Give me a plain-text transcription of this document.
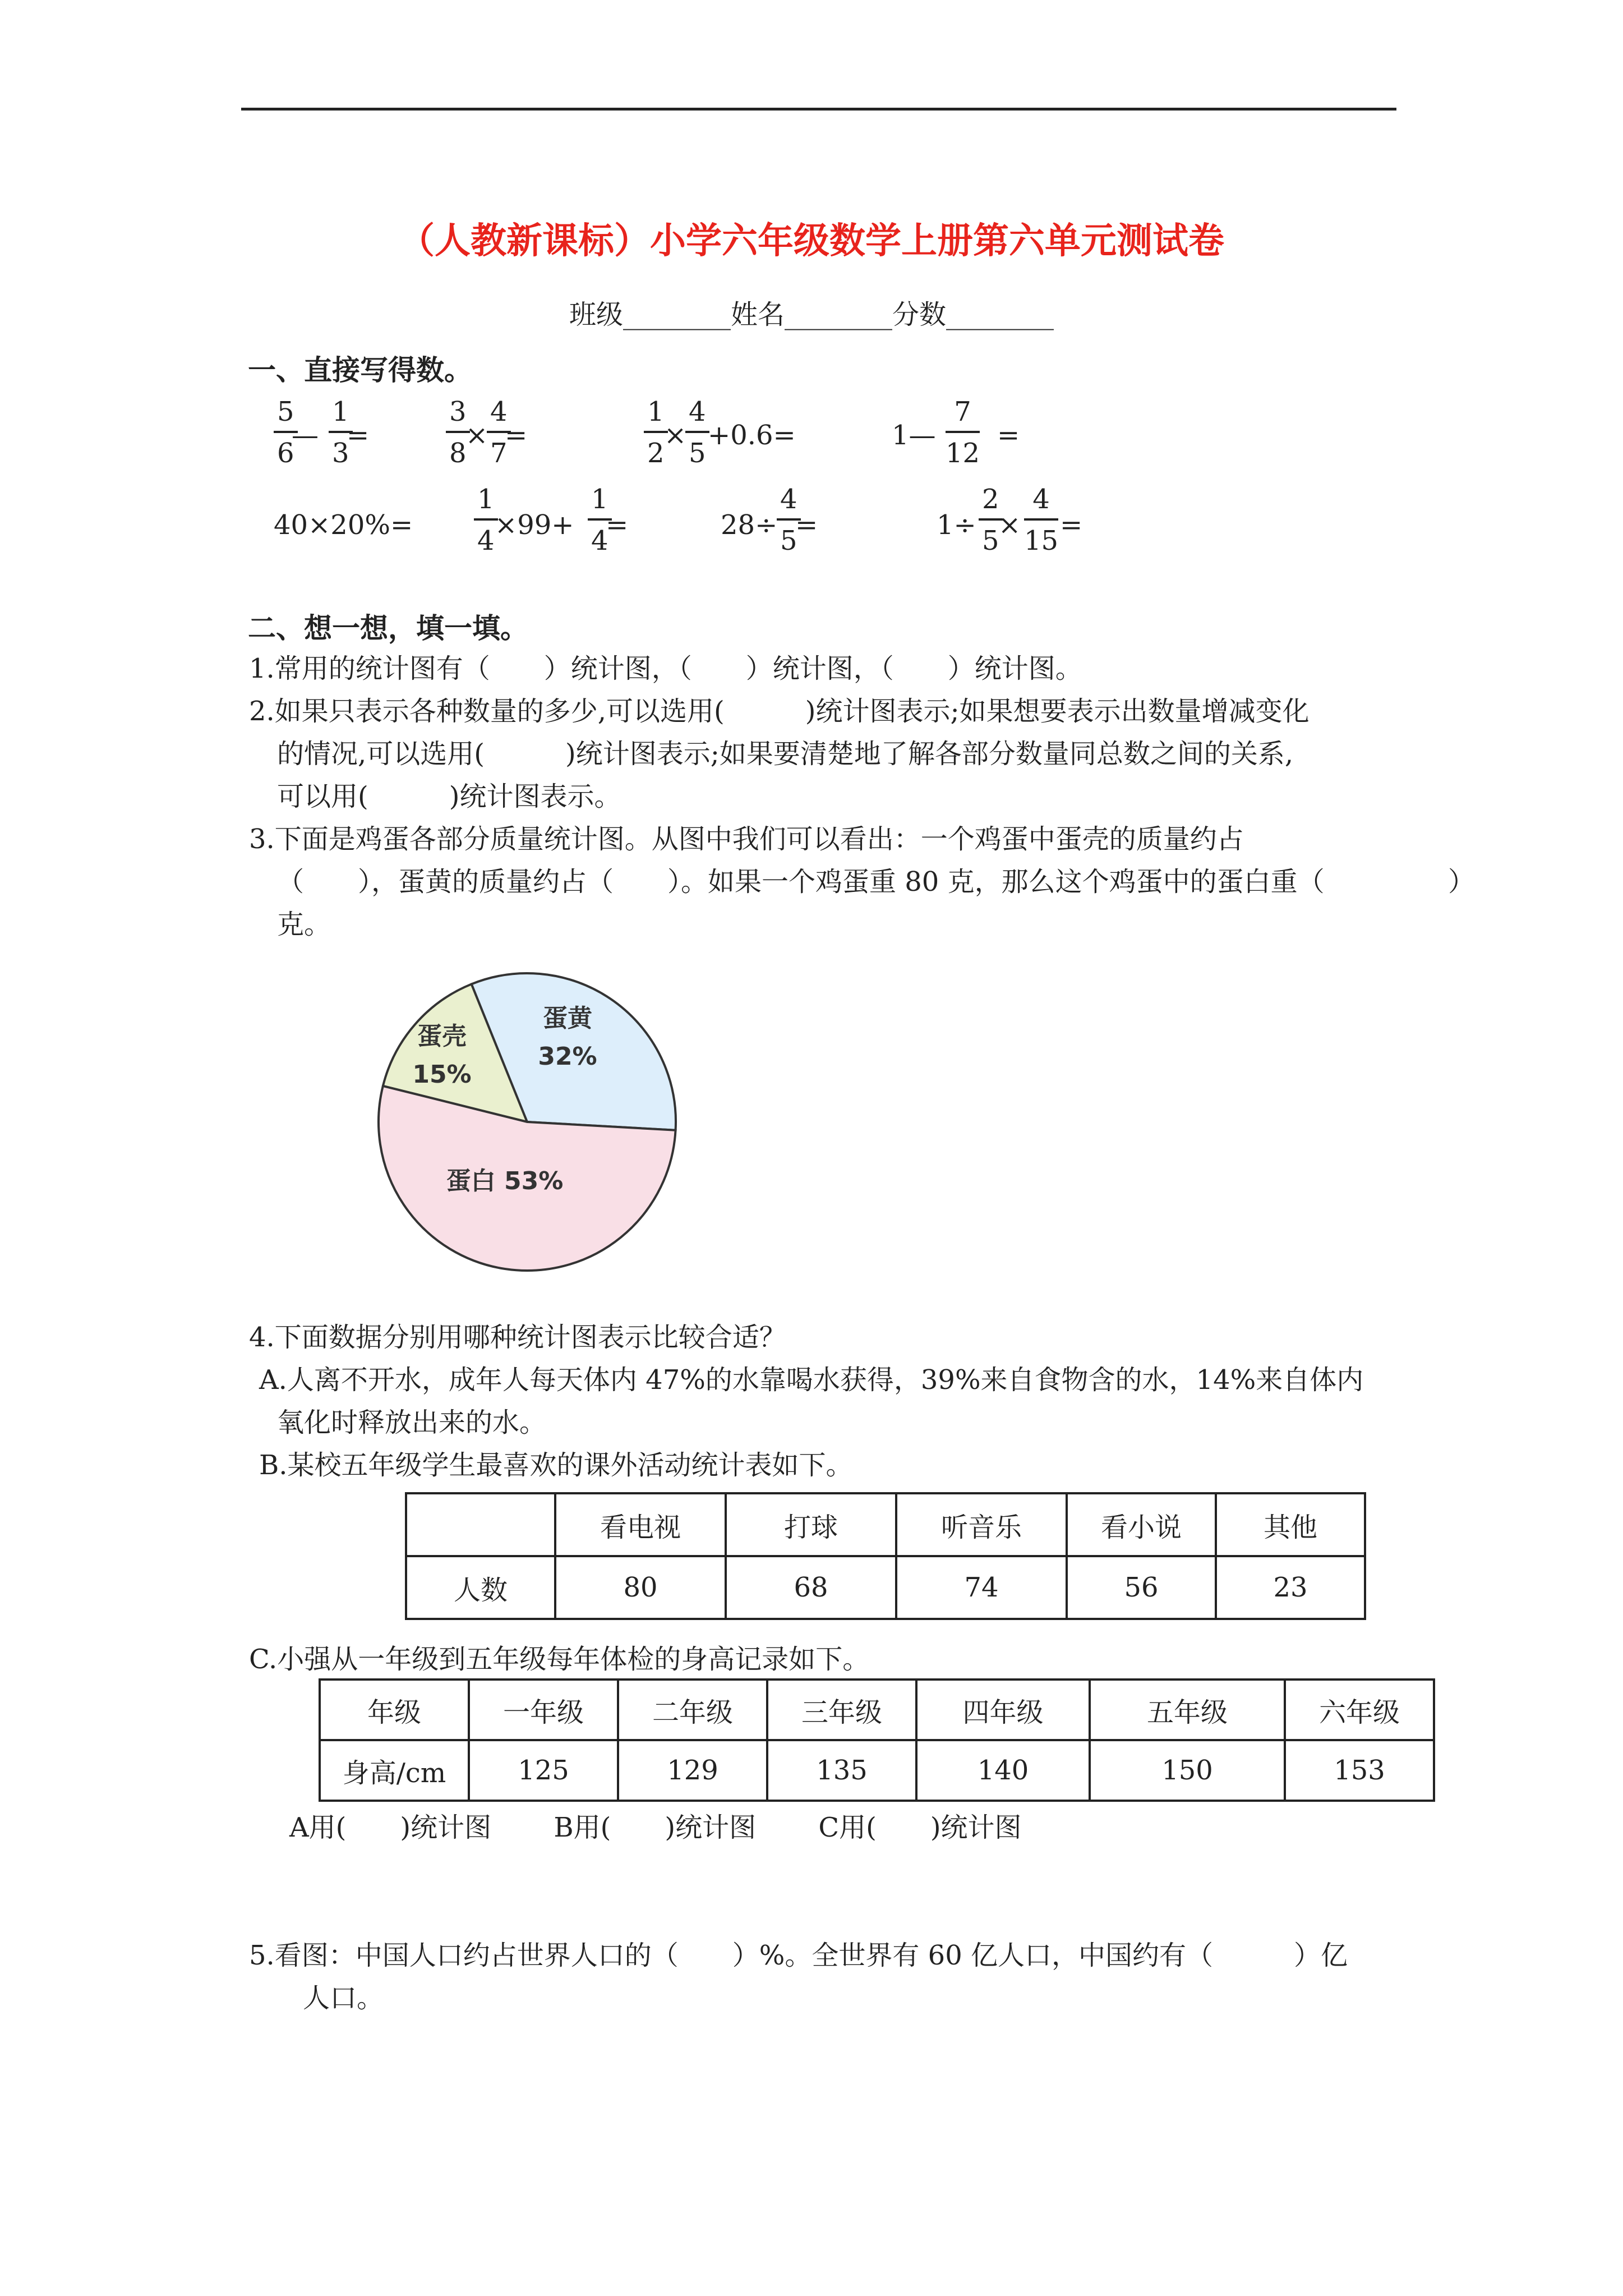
（人教新课标）小学六年级数学上册第六单元测试卷
班级________姓名________分数________
一、直接写得数。
$\frac{5}{6}$
— $\frac{1}{3}$
=	$\frac{3}{8}$
×
$\frac{4}{7}$
=	$\frac{1}{2}$
×
$\frac{4}{5}$
+0.6=	1— $\frac{7}{12}$ =
$40\times 20\%= \frac{1}{4}$
$\times 99+ \frac{1}{4}$
=	28÷
$\frac{4}{5}$
=	$1\div \frac{2}{5}$
× $\frac{4}{15}$ =
二、想一想，填一填。
1.常用的统计图有（　　）统计图，（　　）统计图，（　　）统计图。
2.如果只表示各种数量的多少,可以选用(　　　)统计图表示;如果想要表示出数量增减变化
的情况,可以选用(　　　)统计图表示;如果要清楚地了解各部分数量同总数之间的关系,
可以用(　　　)统计图表示。
3.下面是鸡蛋各部分质量统计图。从图中我们可以看出：一个鸡蛋中蛋壳的质量约占
（　　），蛋黄的质量约占（　　）。如果一个鸡蛋重 80 克，那么这个鸡蛋中的蛋白重（	）
克。
蛋壳
15%
蛋黄
32%
蛋白 53%
4.下面数据分别用哪种统计图表示比较合适？
A.人离不开水，成年人每天体内 47%的水靠喝水获得，39%来自食物含的水，14%来自体内
氧化时释放出来的水。
B.某校五年级学生最喜欢的课外活动统计表如下。
	看电视	打球	听音乐	看小说	其他
人数	80	68	74	56	23
C.小强从一年级到五年级每年体检的身高记录如下。
年级	一年级	二年级	三年级	四年级	五年级	六年级
身高/cm	125	129	135	140	150	153
A用(　　)统计图　　 B用(　　)统计图　　 C用(　　)统计图
5.看图：中国人口约占世界人口的（　　）%。全世界有 60 亿人口，中国约有（　　　）亿
人口。
